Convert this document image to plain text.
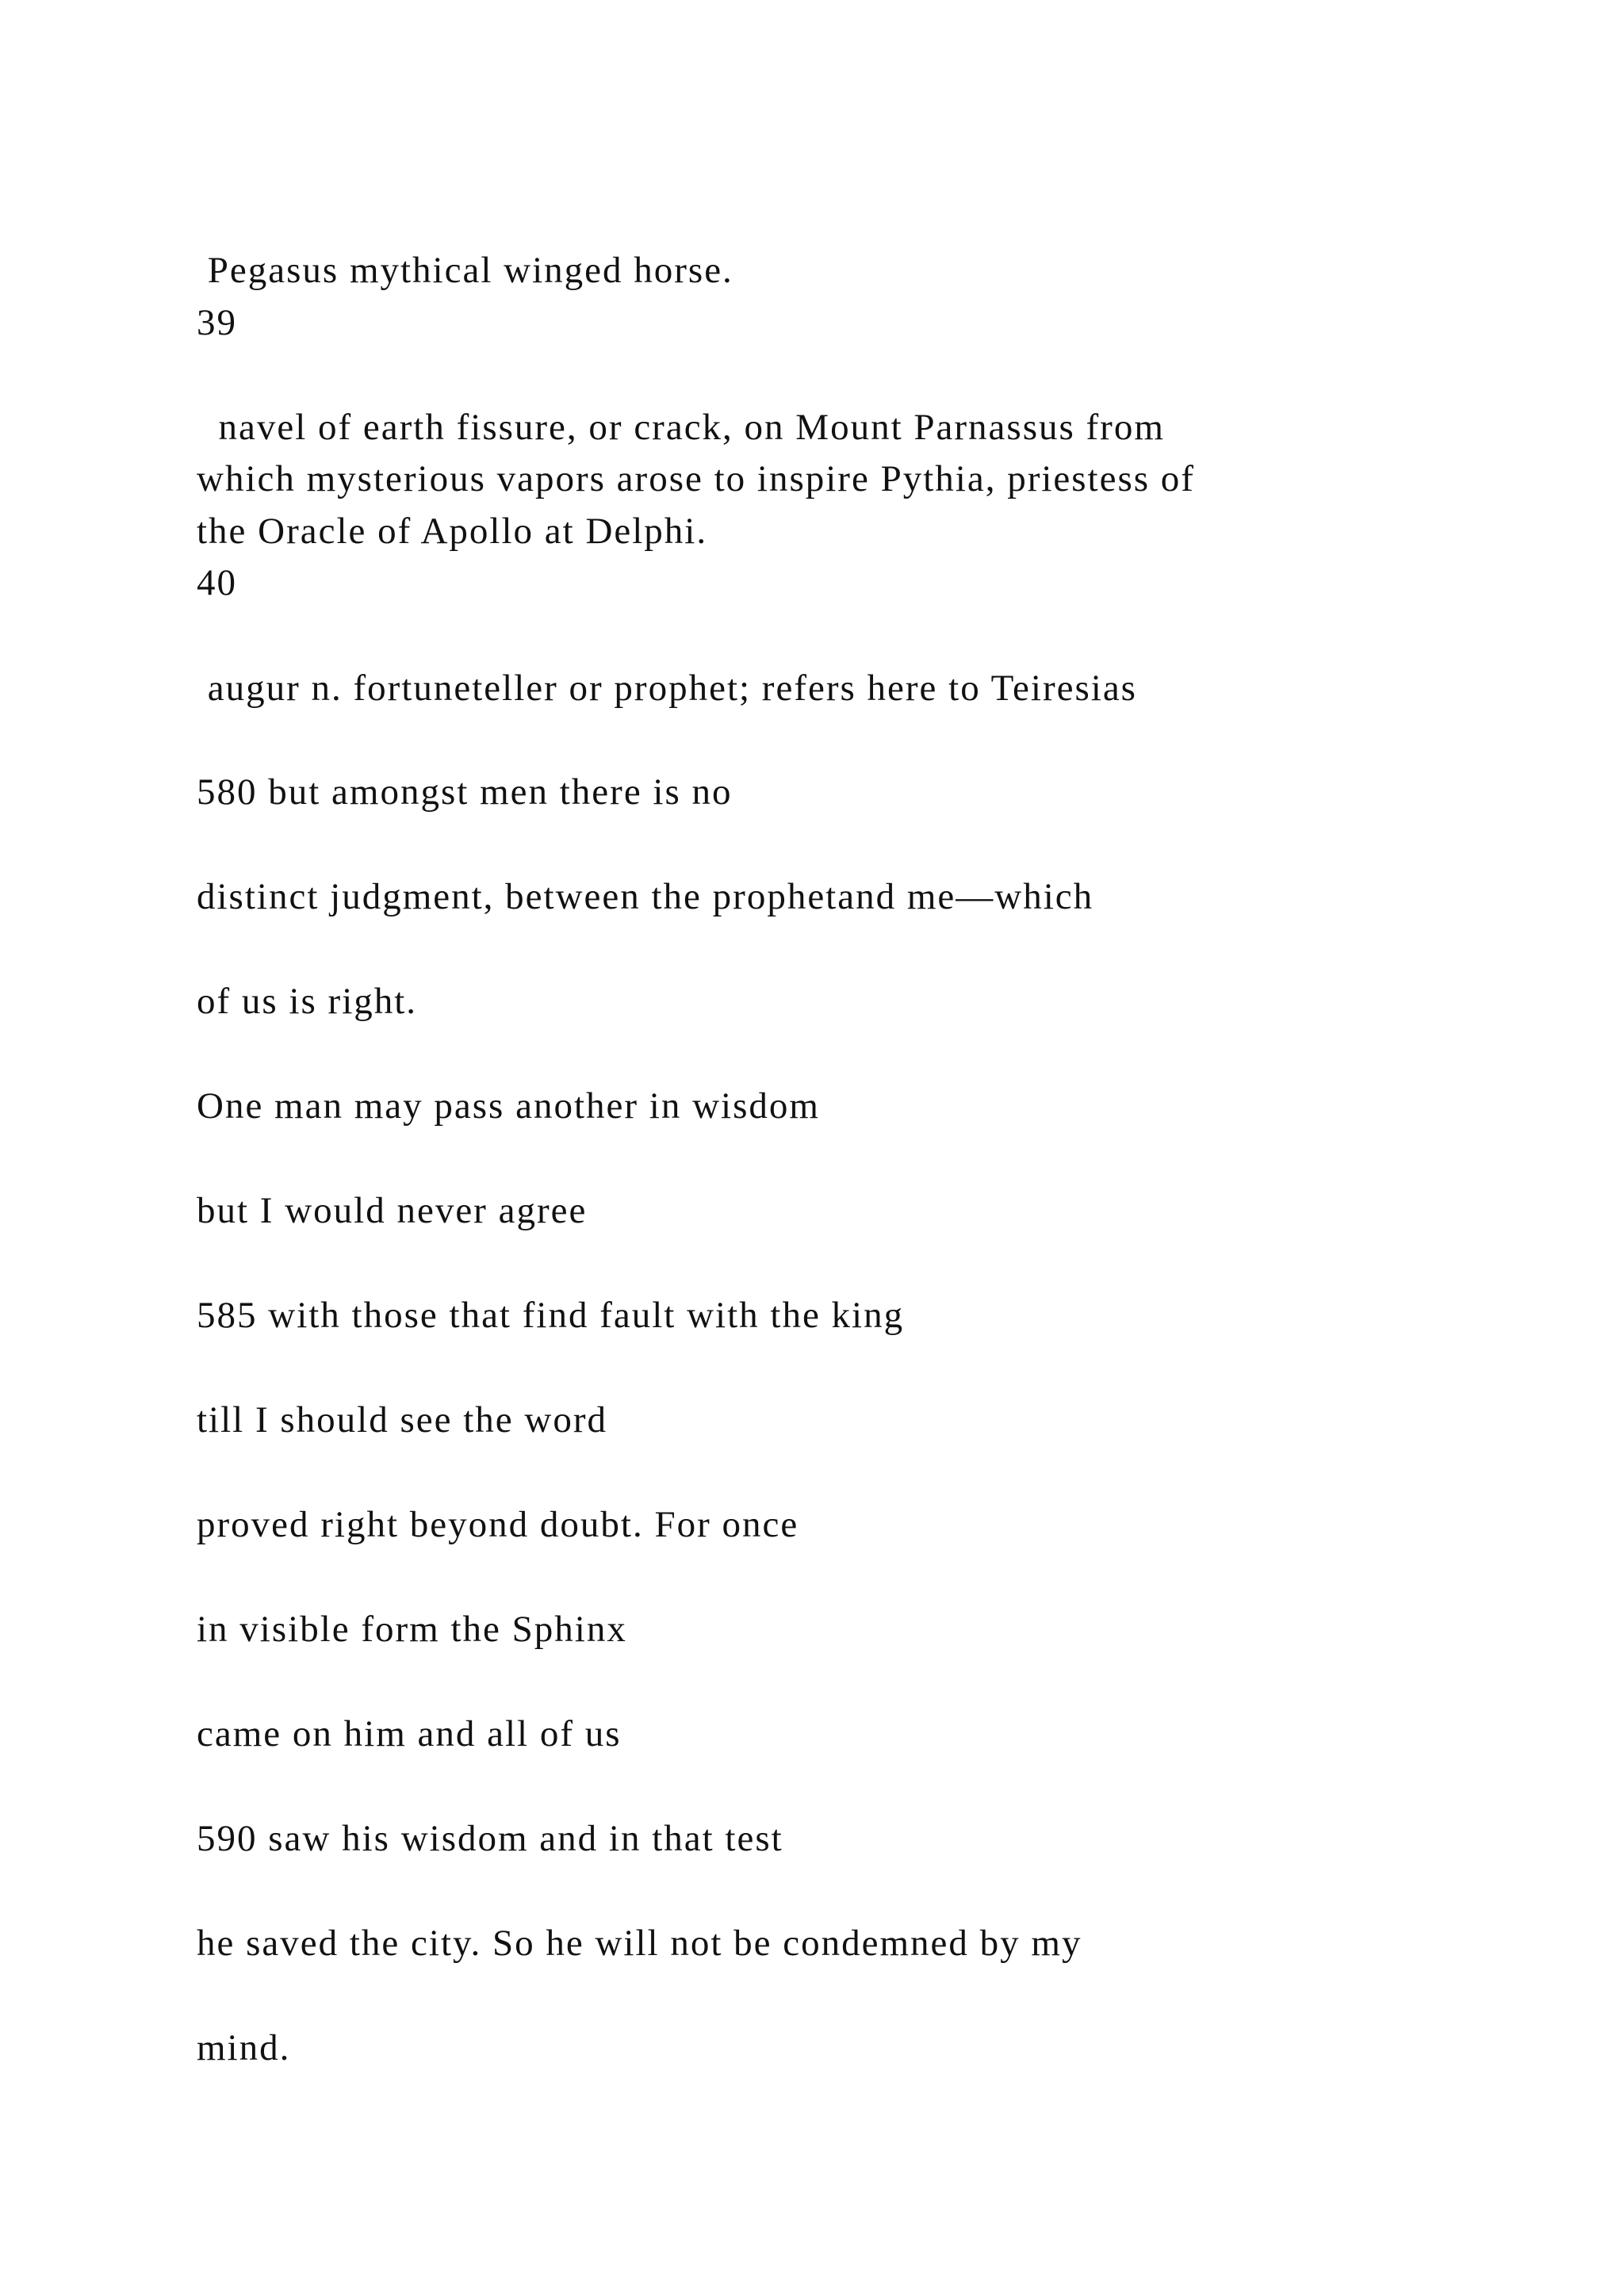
Pegasus mythical winged horse.
39
navel of earth fissure, or crack, on Mount Parnassus from
which mysterious vapors arose to inspire Pythia, priestess of
the Oracle of Apollo at Delphi.
40
augur n. fortuneteller or prophet; refers here to Teiresias
580 but amongst men there is no
distinct judgment, between the prophetand me—which
of us is right.
One man may pass another in wisdom
but I would never agree
585 with those that find fault with the king
till I should see the word
proved right beyond doubt. For once
in visible form the Sphinx
came on him and all of us
590 saw his wisdom and in that test
he saved the city. So he will not be condemned by my
mind.
